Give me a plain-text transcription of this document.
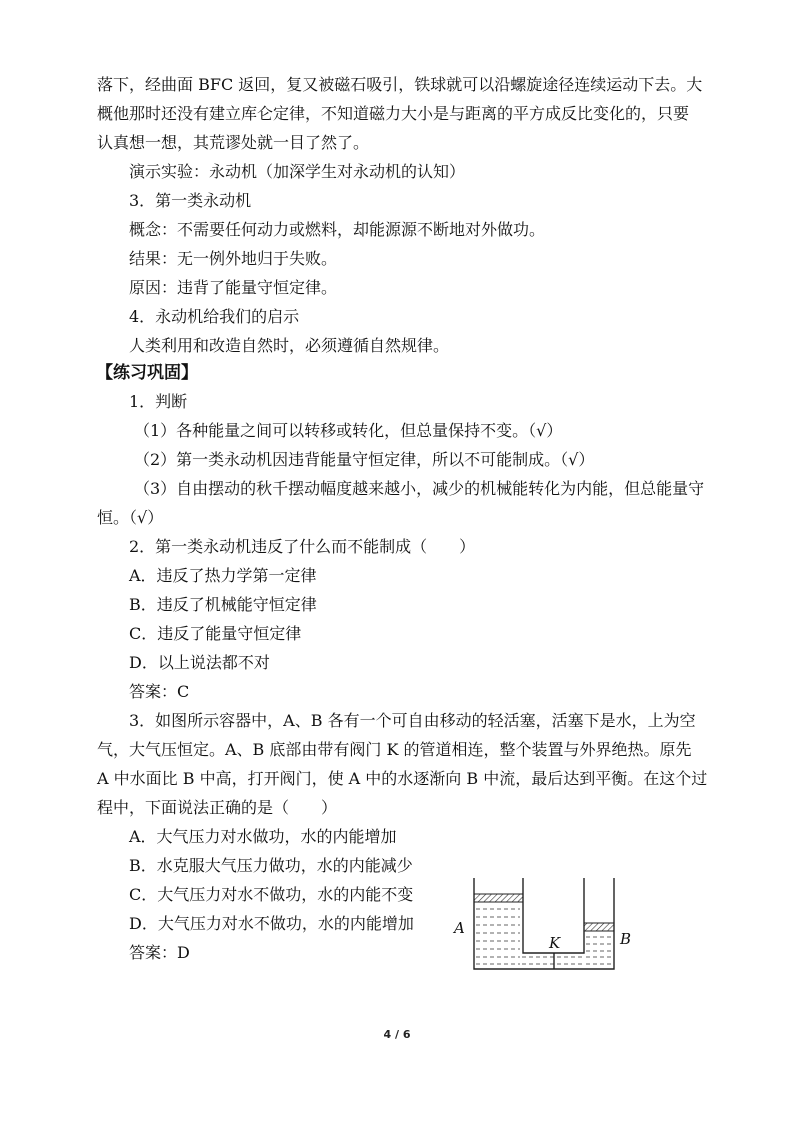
落下，经曲面 BFC 返回，复又被磁石吸引，铁球就可以沿螺旋途径连续运动下去。大
概他那时还没有建立库仑定律，不知道磁力大小是与距离的平方成反比变化的，只要
认真想一想，其荒谬处就一目了然了。
演示实验：永动机（加深学生对永动机的认知）
3．第一类永动机
概念：不需要任何动力或燃料，却能源源不断地对外做功。
结果：无一例外地归于失败。
原因：违背了能量守恒定律。
4．永动机给我们的启示
人类利用和改造自然时，必须遵循自然规律。
【练习巩固】
1．判断
（1）各种能量之间可以转移或转化，但总量保持不变。（√）
（2）第一类永动机因违背能量守恒定律，所以不可能制成。（√）
（3）自由摆动的秋千摆动幅度越来越小，减少的机械能转化为内能，但总能量守
恒。（√）
2．第一类永动机违反了什么而不能制成（　　）
A．违反了热力学第一定律
B．违反了机械能守恒定律
C．违反了能量守恒定律
D．以上说法都不对
答案：C
3．如图所示容器中，A、B 各有一个可自由移动的轻活塞，活塞下是水，上为空
气，大气压恒定。A、B 底部由带有阀门 K 的管道相连，整个装置与外界绝热。原先
A 中水面比 B 中高，打开阀门，使 A 中的水逐渐向 B 中流，最后达到平衡。在这个过
程中，下面说法正确的是（　　）
A．大气压力对水做功，水的内能增加
B．水克服大气压力做功，水的内能减少
C．大气压力对水不做功，水的内能不变
D．大气压力对水不做功，水的内能增加
答案：D
A
B
K
4 / 6
